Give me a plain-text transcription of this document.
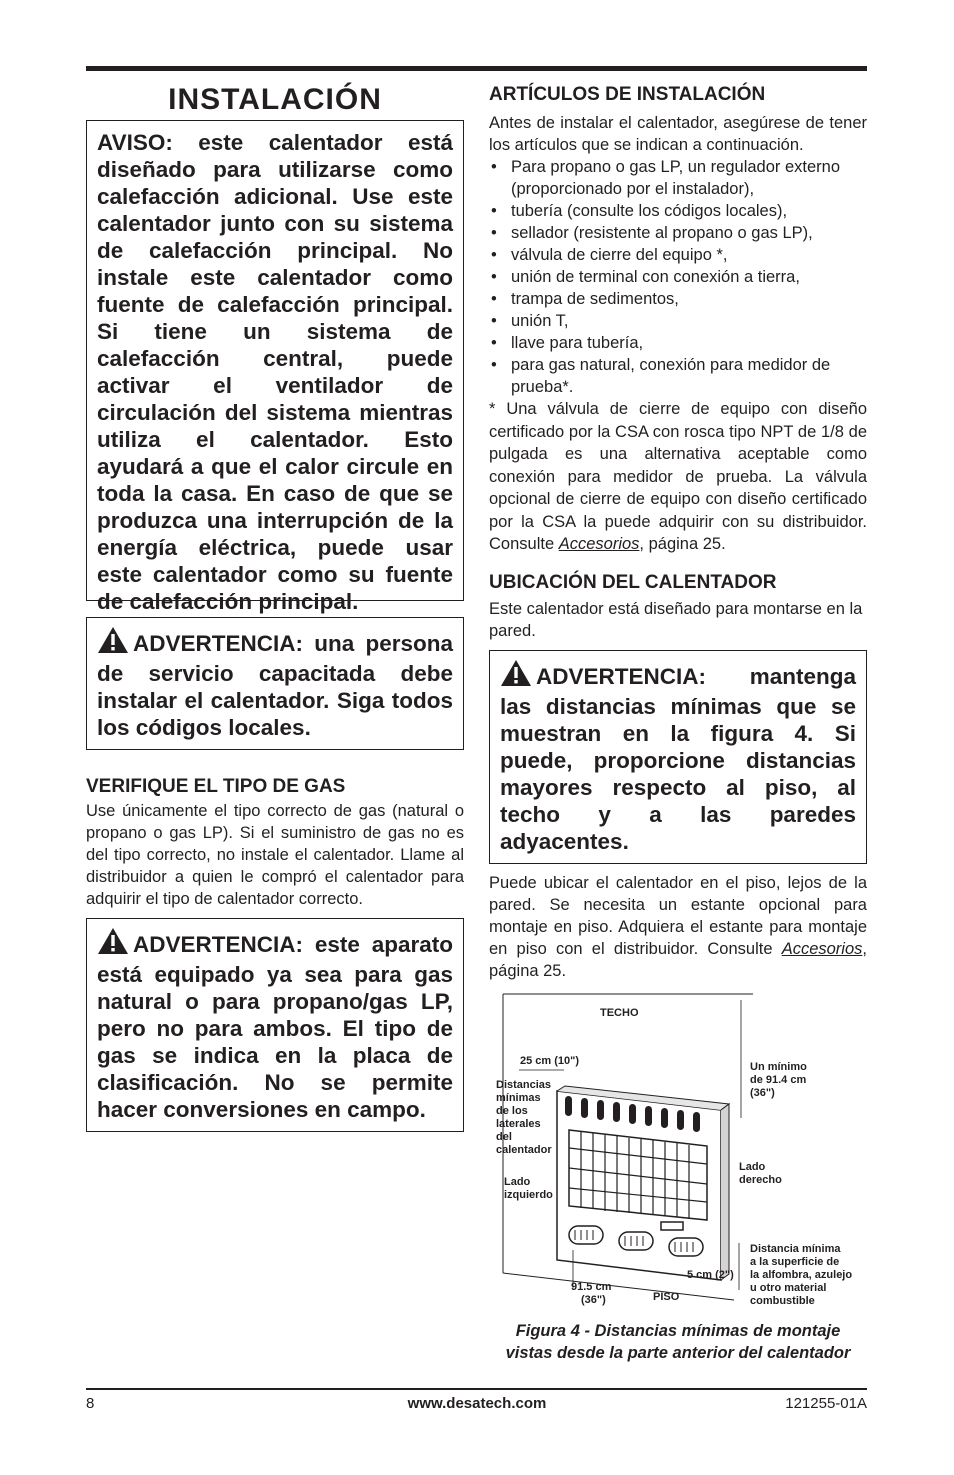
INSTALACIÓN
AVISO: este calentador está diseñado para utilizarse como calefacción adicional. Use este calentador junto con su sistema de calefacción principal. No instale este calentador como fuente de calefacción principal. Si tiene un sistema de calefacción central, puede activar el ventilador de circulación del sistema mientras utiliza el calentador. Esto ayudará a que el calor circule en toda la casa. En caso de que se produzca una interrupción de la energía eléctrica, puede usar este calentador como su fuente de calefacción principal.
ADVERTENCIA: una persona de servicio capacitada debe instalar el calentador. Siga todos los códigos locales.
VERIFIQUE EL TIPO DE GAS

Use únicamente el tipo correcto de gas (natural o propano o gas LP). Si el suministro de gas no es del tipo correcto, no instale el calentador. Llame al distribuidor a quien le compró el calentador para adquirir el tipo de calentador correcto.

ADVERTENCIA: este aparato está equipado ya sea para gas natural o para propano/gas LP, pero no para ambos. El tipo de gas se indica en la placa de clasificación. No se permite hacer conversiones en campo.
ARTÍCULOS DE INSTALACIÓN

Antes de instalar el calentador, asegúrese de tener los artículos que se indican a continuación.

• Para propano o gas LP, un regulador externo (proporcionado por el instalador),
• tubería (consulte los códigos locales),
• sellador (resistente al propano o gas LP),
• válvula de cierre del equipo *,
• unión de terminal con conexión a tierra,
• trampa de sedimentos,
• unión T,
• llave para tubería,
• para gas natural, conexión para medidor de prueba*.

* Una válvula de cierre de equipo con diseño certificado por la CSA con rosca tipo NPT de 1/8 de pulgada es una alternativa aceptable como conexión para medidor de prueba. La válvula opcional de cierre de equipo con diseño certificado por la CSA la puede adquirir con su distribuidor. Consulte Accesorios, página 25.

UBICACIÓN DEL CALENTADOR

Este calentador está diseñado para montarse en la pared.

ADVERTENCIA: mantenga las distancias mínimas que se muestran en la figura 4. Si puede, proporcione distancias mayores respecto al piso, al techo y a las paredes adyacentes.

Puede ubicar el calentador en el piso, lejos de la pared. Se necesita un estante opcional para montaje en piso. Adquiera el estante para montaje en piso con el distribuidor. Consulte Accesorios, página 25.

TECHO
25 cm (10")
Distancias
mínimas
de los
laterales
del
calentador
Un mínimo
de 91.4 cm
(36")
Lado
izquierdo
Lado
derecho
Distancia mínima
a la superficie de
la alfombra, azulejo
u otro material
combustible
5 cm (2")
91.5 cm
(36")	PISO
Figura 4 - Distancias mínimas de montaje vistas desde la parte anterior del calentador
8	www.desatech.com	121255-01A
